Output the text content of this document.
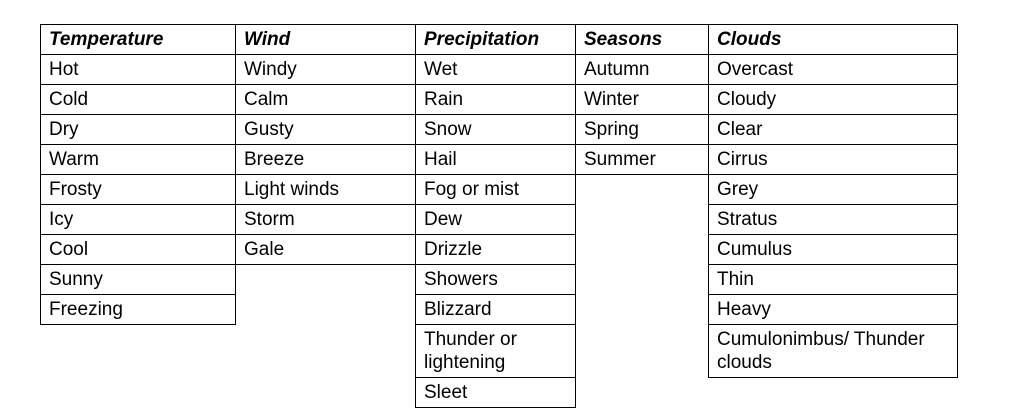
Temperature	Wind	Precipitation	Seasons	Clouds

Hot	Windy	Wet	Autumn	Overcast

Cold	Calm	Rain	Winter	Cloudy

Dry	Gusty	Snow	Spring	Clear

Warm	Breeze	Hail	Summer	Cirrus

Frosty	Light winds	Fog or mist		Grey

Icy	Storm	Dew		Stratus

Cool	Gale	Drizzle		Cumulus

Sunny		Showers		Thin

Freezing		Blizzard		Heavy

		Thunder or lightening		Cumulonimbus/ Thunder clouds

		Sleet		
